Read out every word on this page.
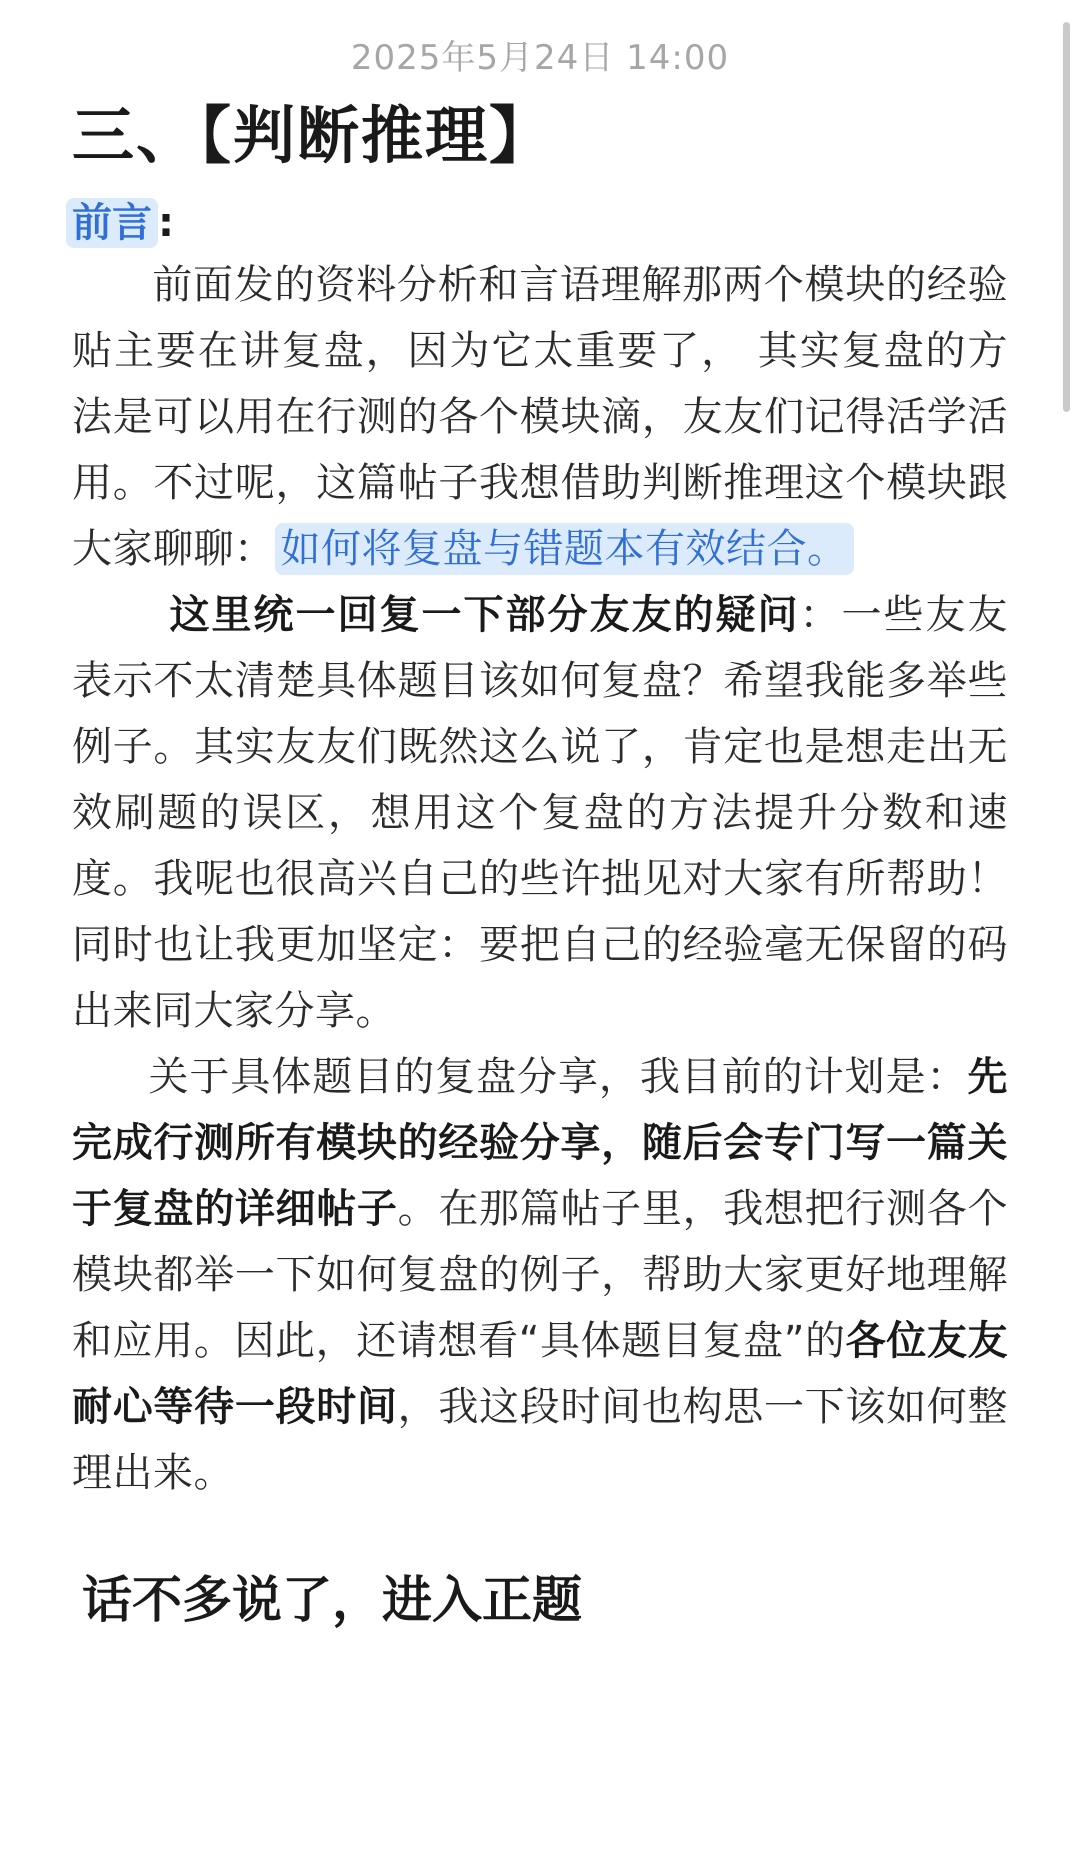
2025年5月24日 14:00
三、【判断推理】
前言 :

前面发的资料分析和言语理解那两个模块的经验贴主要在讲复盘，因为它太重要了， 其实复盘的方法是可以用在行测的各个模块滴，友友们记得活学活用。不过呢，这篇帖子我想借助判断推理这个模块跟大家聊聊： 如何将复盘与错题本有效结合。

这里统一回复一下部分友友的疑问：一些友友表示不太清楚具体题目该如何复盘？希望我能多举些例子。其实友友们既然这么说了，肯定也是想走出无效刷题的误区，想用这个复盘的方法提升分数和速度。我呢也很高兴自己的些许拙见对大家有所帮助！同时也让我更加坚定：要把自己的经验毫无保留的码出来同大家分享。

关于具体题目的复盘分享，我目前的计划是：先完成行测所有模块的经验分享，随后会专门写一篇关于复盘的详细帖子。在那篇帖子里，我想把行测各个模块都举一下如何复盘的例子，帮助大家更好地理解和应用。因此，还请想看“具体题目复盘”的各位友友耐心等待一段时间，我这段时间也构思一下该如何整理出来。

话不多说了，进入正题
